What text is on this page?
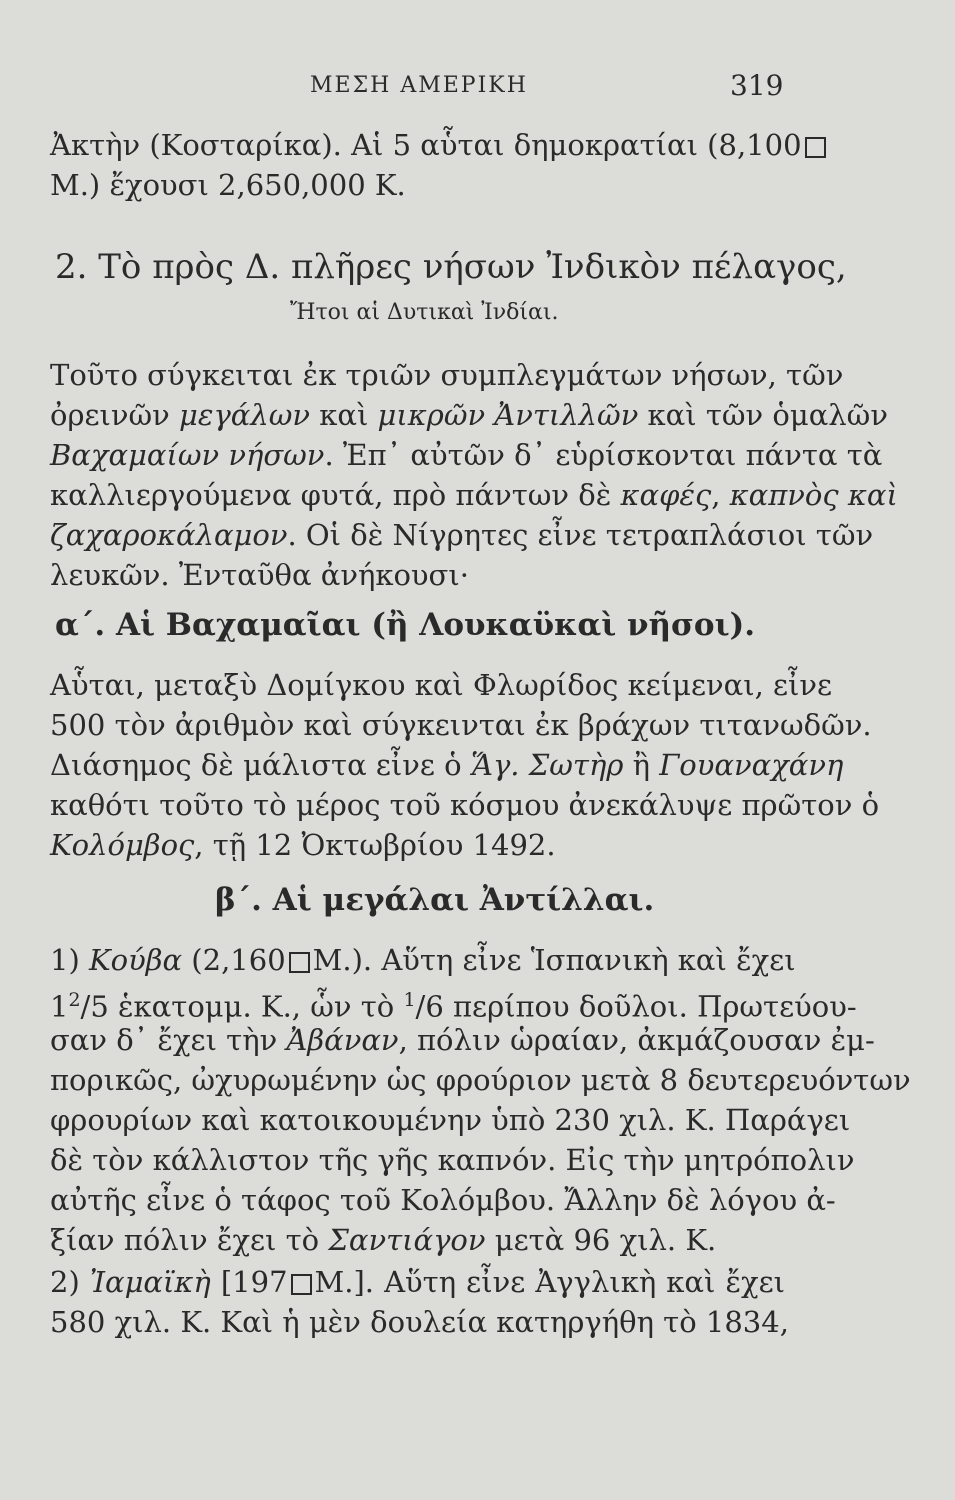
ΜΕΣΗ ΑΜΕΡΙΚΗ	319
Ἀκτὴν (Κοσταρίκα). Αἱ 5 αὗται δημοκρατίαι (8,100
Μ.) ἔχουσι 2,650,000 Κ.
2. Τὸ πρὸς Δ. πλῆρες νήσων Ἰνδικὸν πέλαγος,
Ἤτοι αἱ Δυτικαὶ Ἰνδίαι.
Τοῦτο σύγκειται ἐκ τριῶν συμπλεγμάτων νήσων, τῶν
ὀρεινῶν μεγάλων καὶ μικρῶν Ἀντιλλῶν καὶ τῶν ὁμαλῶν
Βαχαμαίων νήσων. Ἐπ᾽ αὐτῶν δ᾽ εὑρίσκονται πάντα τὰ
καλλιεργούμενα φυτά, πρὸ πάντων δὲ καφές, καπνὸς καὶ
ζαχαροκάλαμον. Οἱ δὲ Νίγρητες εἶνε τετραπλάσιοι τῶν
λευκῶν. Ἐνταῦθα ἀνήκουσι·
α΄. Αἱ Βαχαμαῖαι (ἢ Λουκαϋκαὶ νῆσοι).
Αὗται, μεταξὺ Δομίγκου καὶ Φλωρίδος κείμεναι, εἶνε
500 τὸν ἀριθμὸν καὶ σύγκεινται ἐκ βράχων τιτανωδῶν.
Διάσημος δὲ μάλιστα εἶνε ὁ Ἅγ. Σωτὴρ ἢ Γουαναχάνη
καθότι τοῦτο τὸ μέρος τοῦ κόσμου ἀνεκάλυψε πρῶτον ὁ
Κολόμβος, τῇ 12 Ὀκτωβρίου 1492.
β΄. Αἱ μεγάλαι Ἀντίλλαι.
1) Κούβα (2,160 Μ.). Αὕτη εἶνε Ἱσπανικὴ καὶ ἔχει
$1^2/5$ ἑκατομμ. Κ., ὧν τὸ $^1$/6 περίπου δοῦλοι. Πρωτεύου-
σαν δ᾽ ἔχει τὴν Ἀβάναν, πόλιν ὡραίαν, ἀκμάζουσαν ἐμ-
πορικῶς, ὠχυρωμένην ὡς φρούριον μετὰ 8 δευτερευόντων
φρουρίων καὶ κατοικουμένην ὑπὸ 230 χιλ. Κ. Παράγει
δὲ τὸν κάλλιστον τῆς γῆς καπνόν. Εἰς τὴν μητρόπολιν
αὐτῆς εἶνε ὁ τάφος τοῦ Κολόμβου. Ἄλλην δὲ λόγου ἀ-
ξίαν πόλιν ἔχει τὸ Σαντιάγον μετὰ 96 χιλ. Κ.
2) Ἰαμαϊκὴ [197 Μ.]. Αὕτη εἶνε Ἀγγλικὴ καὶ ἔχει
580 χιλ. Κ. Καὶ ἡ μὲν δουλεία κατηργήθη τὸ 1834,
